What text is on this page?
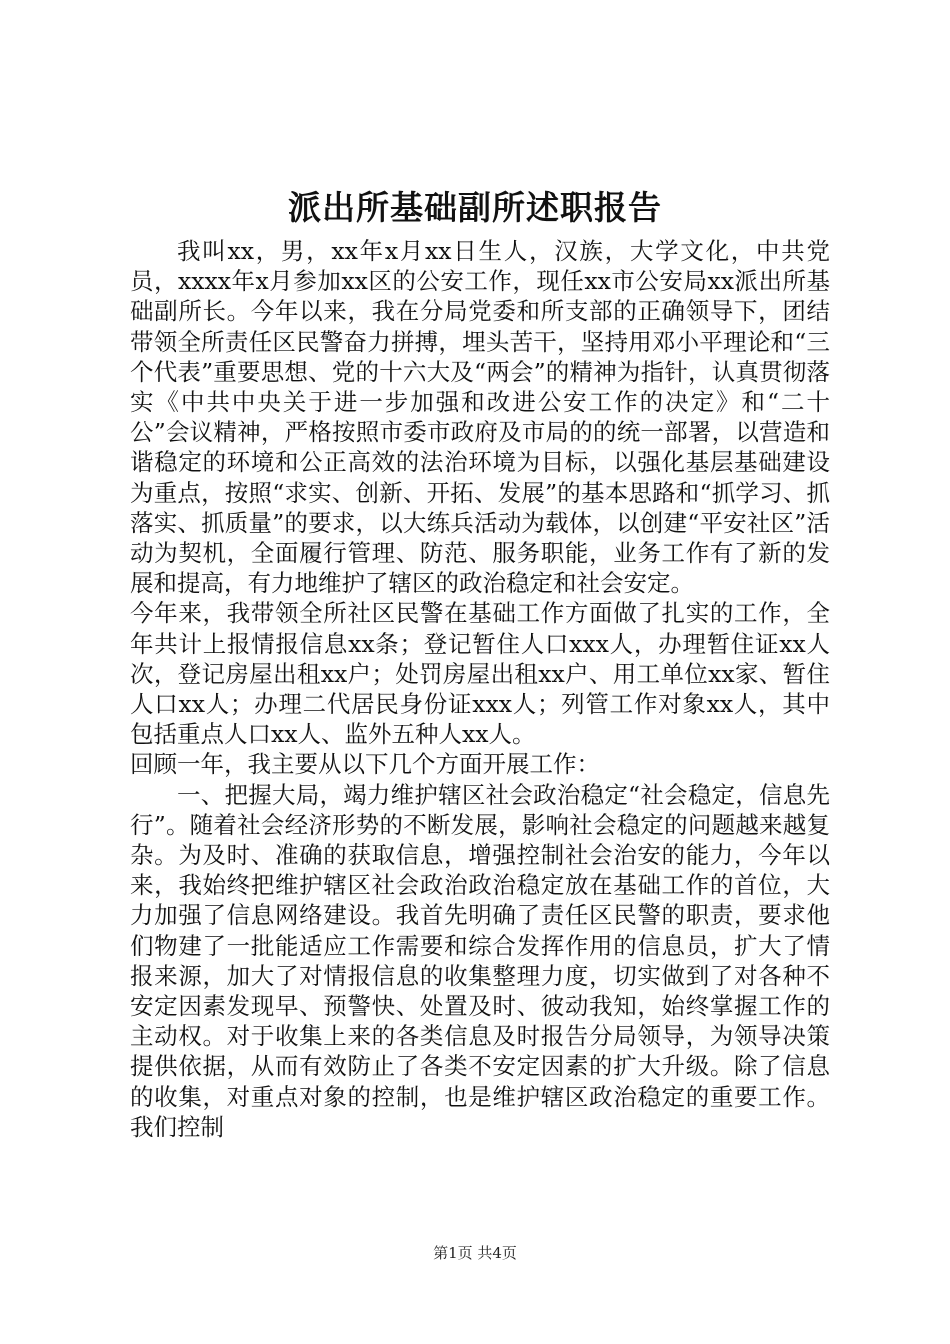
派出所基础副所述职报告

我叫xx，男，xx年x月xx日生人，汉族，大学文化，中共党员，xxxx年x月参加xx区的公安工作，现任xx市公安局xx派出所基础副所长。今年以来，我在分局党委和所支部的正确领导下，团结带领全所责任区民警奋力拼搏，埋头苦干，坚持用邓小平理论和“三个代表”重要思想、党的十六大及“两会”的精神为指针，认真贯彻落实《中共中央关于进一步加强和改进公安工作的决定》和“二十公”会议精神，严格按照市委市政府及市局的的统一部署，以营造和谐稳定的环境和公正高效的法治环境为目标，以强化基层基础建设为重点，按照“求实、创新、开拓、发展”的基本思路和“抓学习、抓落实、抓质量”的要求，以大练兵活动为载体，以创建“平安社区”活动为契机，全面履行管理、防范、服务职能，业务工作有了新的发展和提高，有力地维护了辖区的政治稳定和社会安定。

今年来，我带领全所社区民警在基础工作方面做了扎实的工作，全年共计上报情报信息xx条；登记暂住人口xxx人，办理暂住证xx人次，登记房屋出租xx户；处罚房屋出租xx户、用工单位xx家、暂住人口xx人；办理二代居民身份证xxx人；列管工作对象xx人，其中包括重点人口xx人、监外五种人xx人。

回顾一年，我主要从以下几个方面开展工作：

一、把握大局，竭力维护辖区社会政治稳定“社会稳定，信息先行”。随着社会经济形势的不断发展，影响社会稳定的问题越来越复杂。为及时、准确的获取信息，增强控制社会治安的能力，今年以来，我始终把维护辖区社会政治政治稳定放在基础工作的首位，大力加强了信息网络建设。我首先明确了责任区民警的职责，要求他们物建了一批能适应工作需要和综合发挥作用的信息员，扩大了情报来源，加大了对情报信息的收集整理力度，切实做到了对各种不安定因素发现早、预警快、处置及时、彼动我知，始终掌握工作的主动权。对于收集上来的各类信息及时报告分局领导，为领导决策提供依据，从而有效防止了各类不安定因素的扩大升级。除了信息的收集，对重点对象的控制，也是维护辖区政治稳定的重要工作。我们控制

第1页 共4页
